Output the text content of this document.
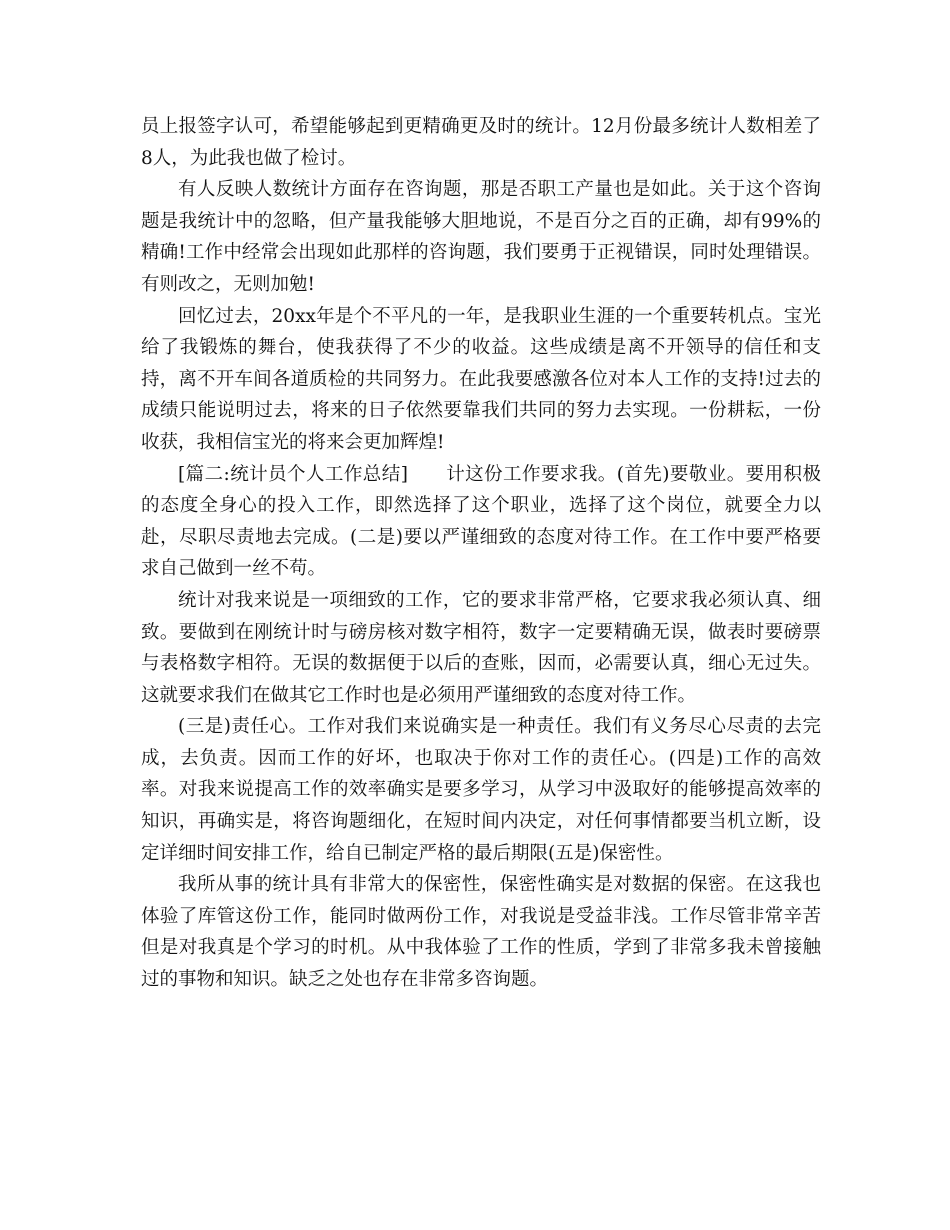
员上报签字认可，希望能够起到更精确更及时的统计。12月份最多统计人数相差了8人，为此我也做了检讨。

有人反映人数统计方面存在咨询题，那是否职工产量也是如此。关于这个咨询题是我统计中的忽略，但产量我能够大胆地说，不是百分之百的正确，却有99%的精确!工作中经常会出现如此那样的咨询题，我们要勇于正视错误，同时处理错误。有则改之，无则加勉!

回忆过去，20xx年是个不平凡的一年，是我职业生涯的一个重要转机点。宝光给了我锻炼的舞台，使我获得了不少的收益。这些成绩是离不开领导的信任和支持，离不开车间各道质检的共同努力。在此我要感激各位对本人工作的支持!过去的成绩只能说明过去，将来的日子依然要靠我们共同的努力去实现。一份耕耘，一份收获，我相信宝光的将来会更加辉煌!

[篇二:统计员个人工作总结]　　计这份工作要求我。(首先)要敬业。要用积极的态度全身心的投入工作，即然选择了这个职业，选择了这个岗位，就要全力以赴，尽职尽责地去完成。(二是)要以严谨细致的态度对待工作。在工作中要严格要求自己做到一丝不苟。

统计对我来说是一项细致的工作，它的要求非常严格，它要求我必须认真、细致。要做到在刚统计时与磅房核对数字相符，数字一定要精确无误，做表时要磅票与表格数字相符。无误的数据便于以后的查账，因而，必需要认真，细心无过失。这就要求我们在做其它工作时也是必须用严谨细致的态度对待工作。

(三是)责任心。工作对我们来说确实是一种责任。我们有义务尽心尽责的去完成，去负责。因而工作的好坏，也取决于你对工作的责任心。(四是)工作的高效率。对我来说提高工作的效率确实是要多学习，从学习中汲取好的能够提高效率的知识，再确实是，将咨询题细化，在短时间内决定，对任何事情都要当机立断，设定详细时间安排工作，给自已制定严格的最后期限(五是)保密性。

我所从事的统计具有非常大的保密性，保密性确实是对数据的保密。在这我也体验了库管这份工作，能同时做两份工作，对我说是受益非浅。工作尽管非常辛苦但是对我真是个学习的时机。从中我体验了工作的性质，学到了非常多我未曾接触过的事物和知识。缺乏之处也存在非常多咨询题。
